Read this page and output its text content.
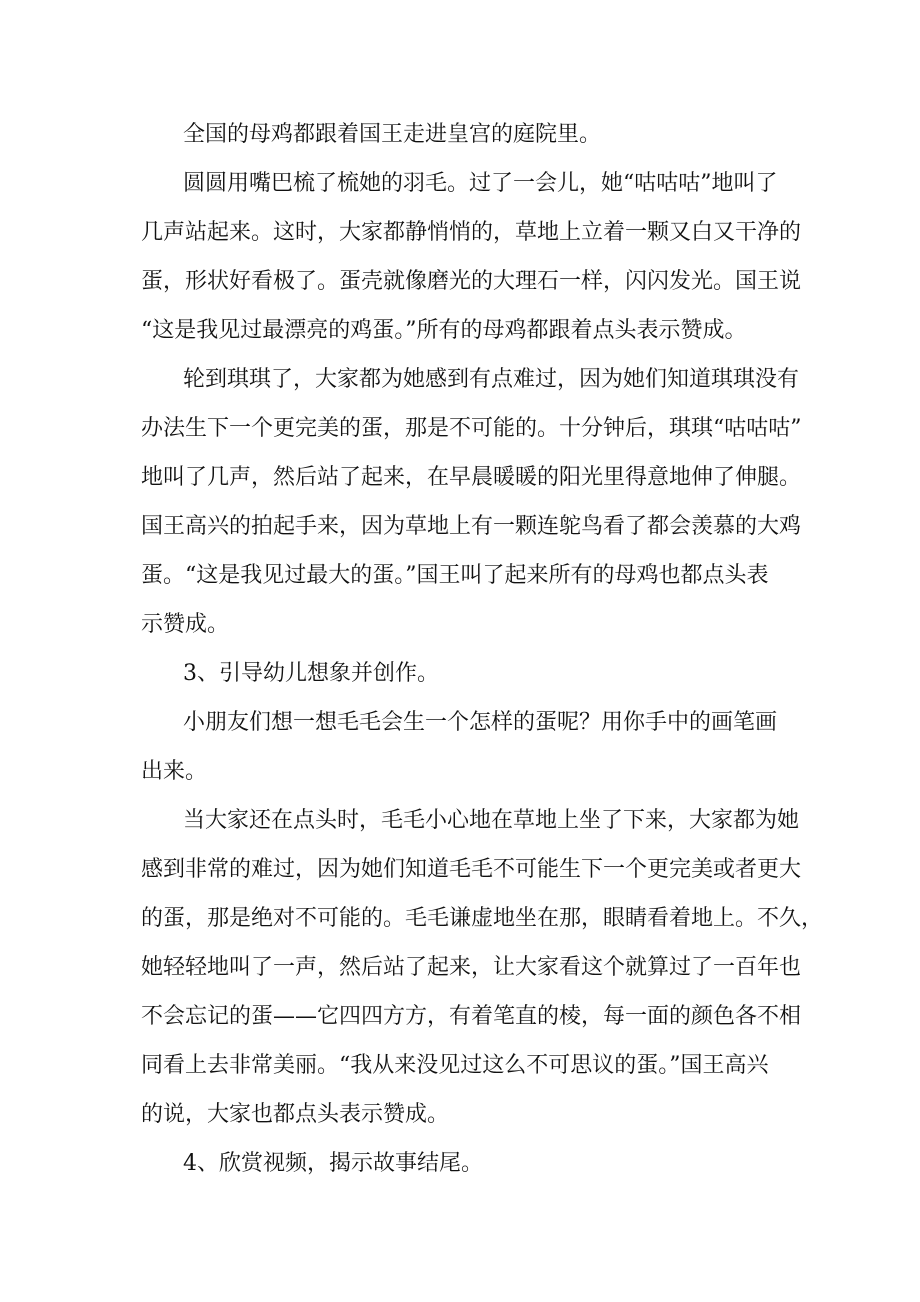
全国的母鸡都跟着国王走进皇宫的庭院里。
圆圆用嘴巴梳了梳她的羽毛。过了一会儿，她“咕咕咕”地叫了
几声站起来。这时，大家都静悄悄的，草地上立着一颗又白又干净的
蛋，形状好看极了。蛋壳就像磨光的大理石一样，闪闪发光。国王说
“这是我见过最漂亮的鸡蛋。”所有的母鸡都跟着点头表示赞成。
轮到琪琪了，大家都为她感到有点难过，因为她们知道琪琪没有
办法生下一个更完美的蛋，那是不可能的。十分钟后，琪琪“咕咕咕”
地叫了几声，然后站了起来，在早晨暖暖的阳光里得意地伸了伸腿。
国王高兴的拍起手来，因为草地上有一颗连鸵鸟看了都会羡慕的大鸡
蛋。“这是我见过最大的蛋。”国王叫了起来所有的母鸡也都点头表
示赞成。
3、引导幼儿想象并创作。
小朋友们想一想毛毛会生一个怎样的蛋呢？用你手中的画笔画
出来。
当大家还在点头时，毛毛小心地在草地上坐了下来，大家都为她
感到非常的难过，因为她们知道毛毛不可能生下一个更完美或者更大
的蛋，那是绝对不可能的。毛毛谦虚地坐在那，眼睛看着地上。不久，
她轻轻地叫了一声，然后站了起来，让大家看这个就算过了一百年也
不会忘记的蛋——它四四方方，有着笔直的棱，每一面的颜色各不相
同看上去非常美丽。“我从来没见过这么不可思议的蛋。”国王高兴
的说，大家也都点头表示赞成。
4、欣赏视频，揭示故事结尾。
